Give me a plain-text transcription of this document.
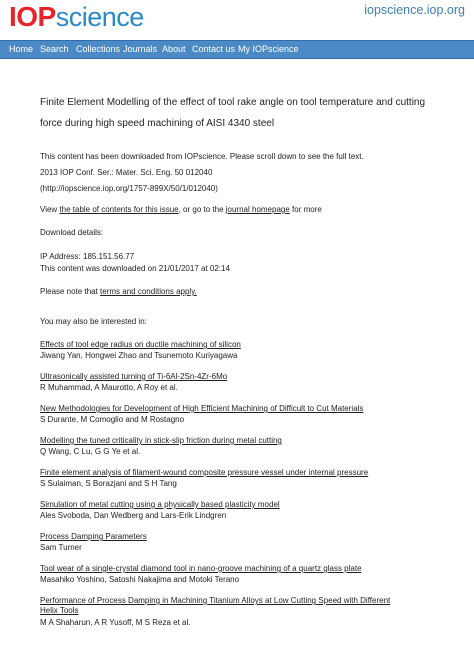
IOPscience	iopscience.iop.org
Home Search Collections Journals About Contact us My IOPscience
Finite Element Modelling of the effect of tool rake angle on tool temperature and cutting force during high speed machining of AISI 4340 steel
This content has been downloaded from IOPscience. Please scroll down to see the full text.
2013 IOP Conf. Ser.: Mater. Sci. Eng. 50 012040
(http://iopscience.iop.org/1757-899X/50/1/012040)
View the table of contents for this issue, or go to the journal homepage for more
Download details:
IP Address: 185.151.56.77
This content was downloaded on 21/01/2017 at 02:14
Please note that terms and conditions apply.
You may also be interested in:
Effects of tool edge radius on ductile machining of silicon
Jiwang Yan, Hongwei Zhao and Tsunemoto Kuriyagawa
Ultrasonically assisted turning of Ti-6Al-2Sn-4Zr-6Mo
R Muhammad, A Maurotto, A Roy et al.
New Methodologies for Development of High Efficient Machining of Difficult to Cut Materials
S Durante, M Comoglio and M Rostagno
Modelling the tuned criticality in stick-slip friction during metal cutting
Q Wang, C Lu, G G Ye et al.
Finite element analysis of filament-wound composite pressure vessel under internal pressure
S Sulaiman, S Borazjani and S H Tang
Simulation of metal cutting using a physically based plasticity model
Ales Svoboda, Dan Wedberg and Lars-Erik Lindgren
Process Damping Parameters
Sam Turner
Tool wear of a single-crystal diamond tool in nano-groove machining of a quartz glass plate
Masahiko Yoshino, Satoshi Nakajima and Motoki Terano
Performance of Process Damping in Machining Titanium Alloys at Low Cutting Speed with Different Helix Tools
M A Shaharun, A R Yusoff, M S Reza et al.
